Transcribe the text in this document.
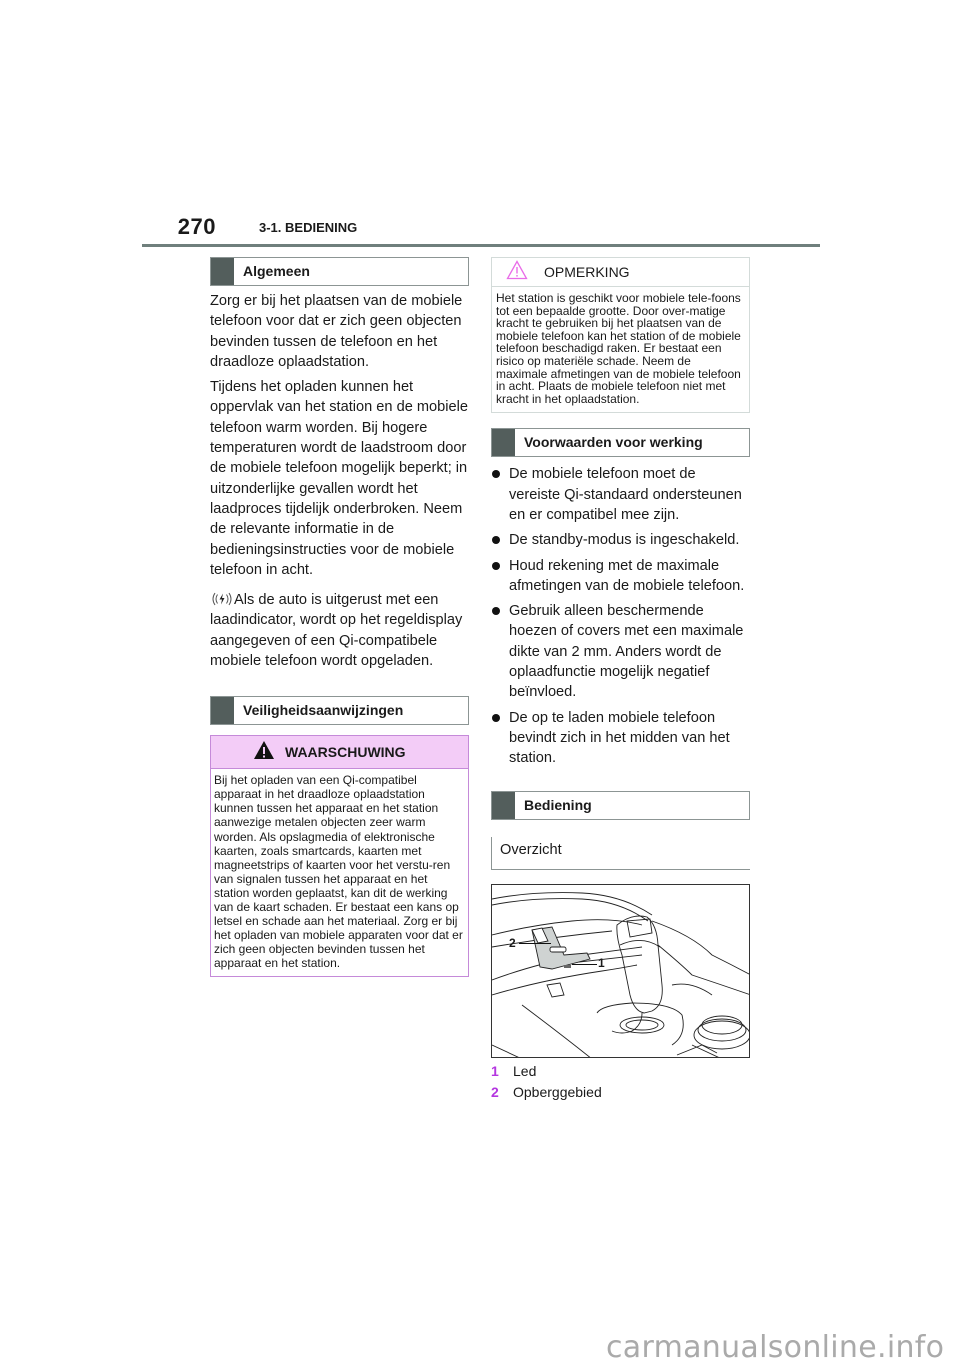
270	3-1. BEDIENING
Algemeen

Zorg er bij het plaatsen van de mobiele telefoon voor dat er zich geen objecten bevinden tussen de telefoon en het draadloze oplaadstation.

Tijdens het opladen kunnen het oppervlak van het station en de mobiele telefoon warm worden. Bij hogere temperaturen wordt de laadstroom door de mobiele telefoon mogelijk beperkt; in uitzonderlijke gevallen wordt het laadproces tijdelijk onderbroken. Neem de relevante informatie in de bedieningsinstructies voor de mobiele telefoon in acht.

Als de auto is uitgerust met een laadindicator, wordt op het regeldisplay aangegeven of een Qi-compatibele mobiele telefoon wordt opgeladen.

Veiligheidsaanwijzingen
WAARSCHUWING
Bij het opladen van een Qi-compatibel apparaat in het draadloze oplaadstation kunnen tussen het apparaat en het station aanwezige metalen objecten zeer warm worden. Als opslagmedia of elektronische kaarten, zoals smartcards, kaarten met magneetstrips of kaarten voor het verstu-ren van signalen tussen het apparaat en het station worden geplaatst, kan dit de werking van de kaart schaden. Er bestaat een kans op letsel en schade aan het materiaal. Zorg er bij het opladen van mobiele apparaten voor dat er zich geen objecten bevinden tussen het apparaat en het station.
OPMERKING
Het station is geschikt voor mobiele tele-foons tot een bepaalde grootte. Door over-matige kracht te gebruiken bij het plaatsen van de mobiele telefoon kan het station of de mobiele telefoon beschadigd raken. Er bestaat een risico op materiële schade. Neem de maximale afmetingen van de mobiele telefoon in acht. Plaats de mobiele telefoon niet met kracht in het oplaadstation.
Voorwaarden voor werking
De mobiele telefoon moet de vereiste Qi-standaard ondersteunen en er compatibel mee zijn.
De standby-modus is ingeschakeld.
Houd rekening met de maximale afmetingen van de mobiele telefoon.
Gebruik alleen beschermende hoezen of covers met een maximale dikte van 2 mm. Anders wordt de oplaadfunctie mogelijk negatief beïnvloed.
De op te laden mobiele telefoon bevindt zich in het midden van het station.
Bediening
Overzicht
2
1
1	Led
2	Opberggebied
carmanualsonline.info
